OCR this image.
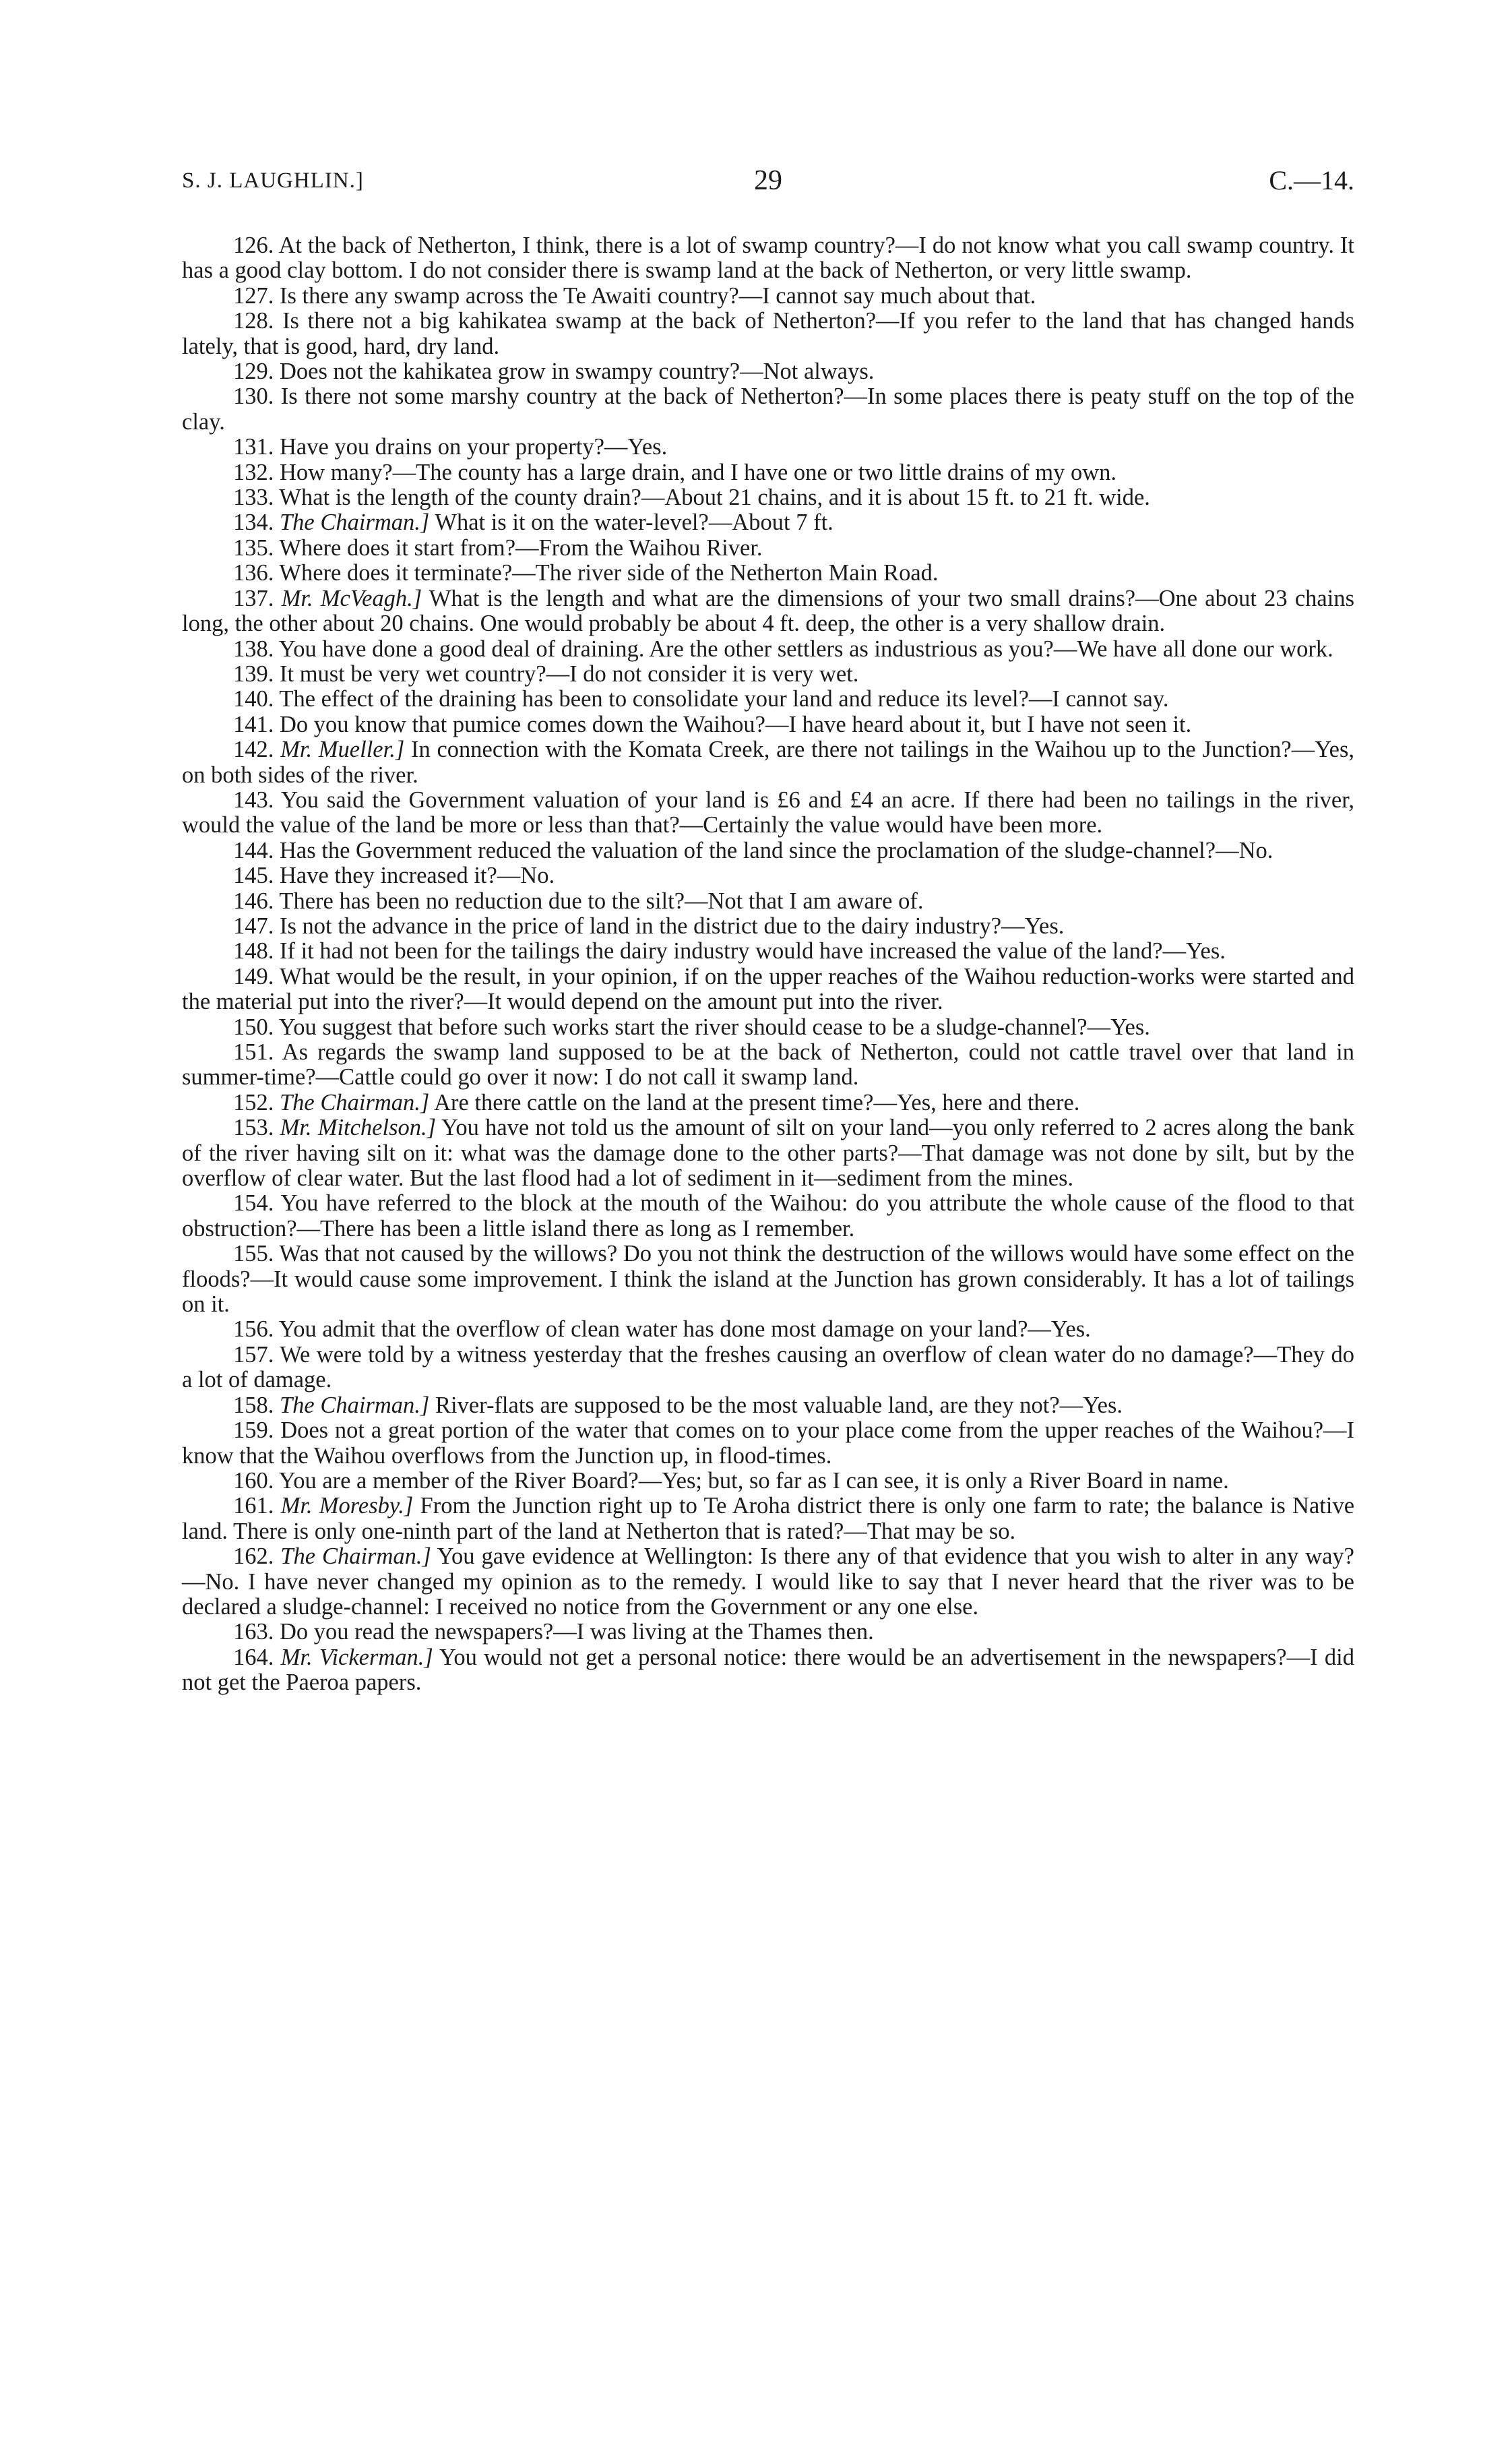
S. J. LAUGHLIN.]	29	C.—14.

126. At the back of Netherton, I think, there is a lot of swamp country?—I do not know what you call swamp country. It has a good clay bottom. I do not consider there is swamp land at the back of Netherton, or very little swamp.

127. Is there any swamp across the Te Awaiti country?—I cannot say much about that.

128. Is there not a big kahikatea swamp at the back of Netherton?—If you refer to the land that has changed hands lately, that is good, hard, dry land.

129. Does not the kahikatea grow in swampy country?—Not always.

130. Is there not some marshy country at the back of Netherton?—In some places there is peaty stuff on the top of the clay.

131. Have you drains on your property?—Yes.

132. How many?—The county has a large drain, and I have one or two little drains of my own.

133. What is the length of the county drain?—About 21 chains, and it is about 15 ft. to 21 ft. wide.

134. The Chairman.] What is it on the water-level?—About 7 ft.

135. Where does it start from?—From the Waihou River.

136. Where does it terminate?—The river side of the Netherton Main Road.

137. Mr. McVeagh.] What is the length and what are the dimensions of your two small drains?—One about 23 chains long, the other about 20 chains. One would probably be about 4 ft. deep, the other is a very shallow drain.

138. You have done a good deal of draining. Are the other settlers as industrious as you?—We have all done our work.

139. It must be very wet country?—I do not consider it is very wet.

140. The effect of the draining has been to consolidate your land and reduce its level?—I cannot say.

141. Do you know that pumice comes down the Waihou?—I have heard about it, but I have not seen it.

142. Mr. Mueller.] In connection with the Komata Creek, are there not tailings in the Waihou up to the Junction?—Yes, on both sides of the river.

143. You said the Government valuation of your land is £6 and £4 an acre. If there had been no tailings in the river, would the value of the land be more or less than that?—Certainly the value would have been more.

144. Has the Government reduced the valuation of the land since the proclamation of the sludge-channel?—No.

145. Have they increased it?—No.

146. There has been no reduction due to the silt?—Not that I am aware of.

147. Is not the advance in the price of land in the district due to the dairy industry?—Yes.

148. If it had not been for the tailings the dairy industry would have increased the value of the land?—Yes.

149. What would be the result, in your opinion, if on the upper reaches of the Waihou reduction-works were started and the material put into the river?—It would depend on the amount put into the river.

150. You suggest that before such works start the river should cease to be a sludge-channel?—Yes.

151. As regards the swamp land supposed to be at the back of Netherton, could not cattle travel over that land in summer-time?—Cattle could go over it now: I do not call it swamp land.

152. The Chairman.] Are there cattle on the land at the present time?—Yes, here and there.

153. Mr. Mitchelson.] You have not told us the amount of silt on your land—you only referred to 2 acres along the bank of the river having silt on it: what was the damage done to the other parts?—That damage was not done by silt, but by the overflow of clear water. But the last flood had a lot of sediment in it—sediment from the mines.

154. You have referred to the block at the mouth of the Waihou: do you attribute the whole cause of the flood to that obstruction?—There has been a little island there as long as I remember.

155. Was that not caused by the willows? Do you not think the destruction of the willows would have some effect on the floods?—It would cause some improvement. I think the island at the Junction has grown considerably. It has a lot of tailings on it.

156. You admit that the overflow of clean water has done most damage on your land?—Yes.

157. We were told by a witness yesterday that the freshes causing an overflow of clean water do no damage?—They do a lot of damage.

158. The Chairman.] River-flats are supposed to be the most valuable land, are they not?—Yes.

159. Does not a great portion of the water that comes on to your place come from the upper reaches of the Waihou?—I know that the Waihou overflows from the Junction up, in flood-times.

160. You are a member of the River Board?—Yes; but, so far as I can see, it is only a River Board in name.

161. Mr. Moresby.] From the Junction right up to Te Aroha district there is only one farm to rate; the balance is Native land. There is only one-ninth part of the land at Netherton that is rated?—That may be so.

162. The Chairman.] You gave evidence at Wellington: Is there any of that evidence that you wish to alter in any way?—No. I have never changed my opinion as to the remedy. I would like to say that I never heard that the river was to be declared a sludge-channel: I received no notice from the Government or any one else.

163. Do you read the newspapers?—I was living at the Thames then.

164. Mr. Vickerman.] You would not get a personal notice: there would be an advertisement in the newspapers?—I did not get the Paeroa papers.
